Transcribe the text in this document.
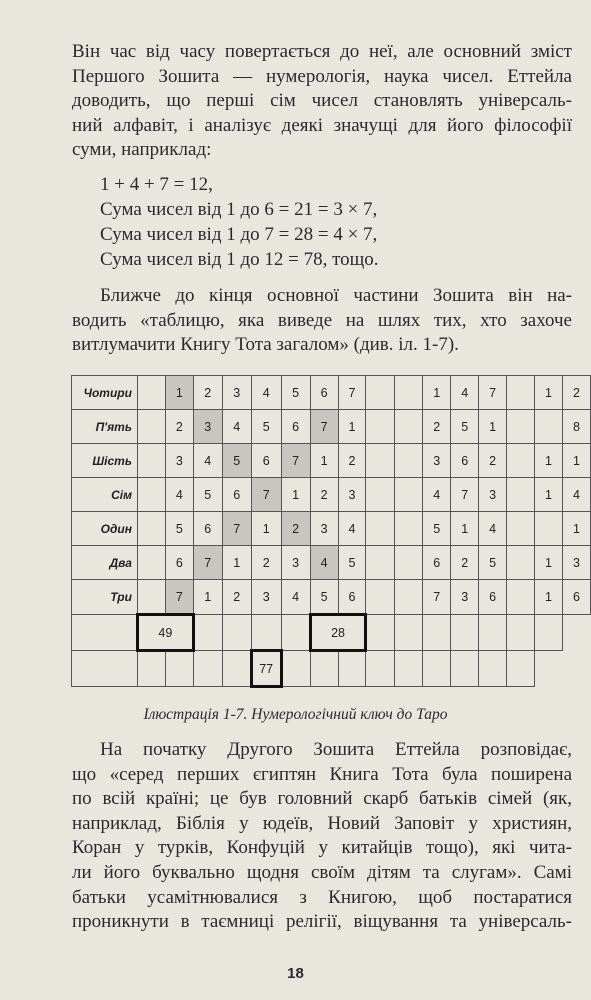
Він час від часу повертається до неї, але основний зміст
Першого Зошита — нумерологія, наука чисел. Еттейла
доводить, що перші сім чисел становлять універсаль-
ний алфавіт, і аналізує деякі значущі для його філософії
суми, наприклад:

1 + 4 + 7 = 12,
Сума чисел від 1 до 6 = 21 = 3 × 7,
Сума чисел від 1 до 7 = 28 = 4 × 7,
Сума чисел від 1 до 12 = 78, тощо.

Ближче до кінця основної частини Зошита він на-
водить «таблицю, яка виведе на шлях тих, хто захоче
витлумачити Книгу Тота загалом» (див. іл. 1-7).

Чотири		1	2	3	4	5	6	7			1	4	7		1	2
П'ять		2	3	4	5	6	7	1			2	5	1			8
Шість		3	4	5	6	7	1	2			3	6	2		1	1
Сім		4	5	6	7	1	2	3			4	7	3		1	4
Один		5	6	7	1	2	3	4			5	1	4			1
Два		6	7	1	2	3	4	5			6	2	5		1	3
Три		7	1	2	3	4	5	6			7	3	6		1	6
	49						28									
					77											
Ілюстрація 1-7. Нумерологічний ключ до Таро

На початку Другого Зошита Еттейла розповідає,
що «серед перших єгиптян Книга Тота була поширена
по всій країні; це був головний скарб батьків сімей (як,
наприклад, Біблія у юдеїв, Новий Заповіт у християн,
Коран у турків, Конфуцій у китайців тощо), які чита-
ли його буквально щодня своїм дітям та слугам». Самі
батьки усамітнювалися з Книгою, щоб постаратися
проникнути в таємниці релігії, віщування та універсаль-

18
